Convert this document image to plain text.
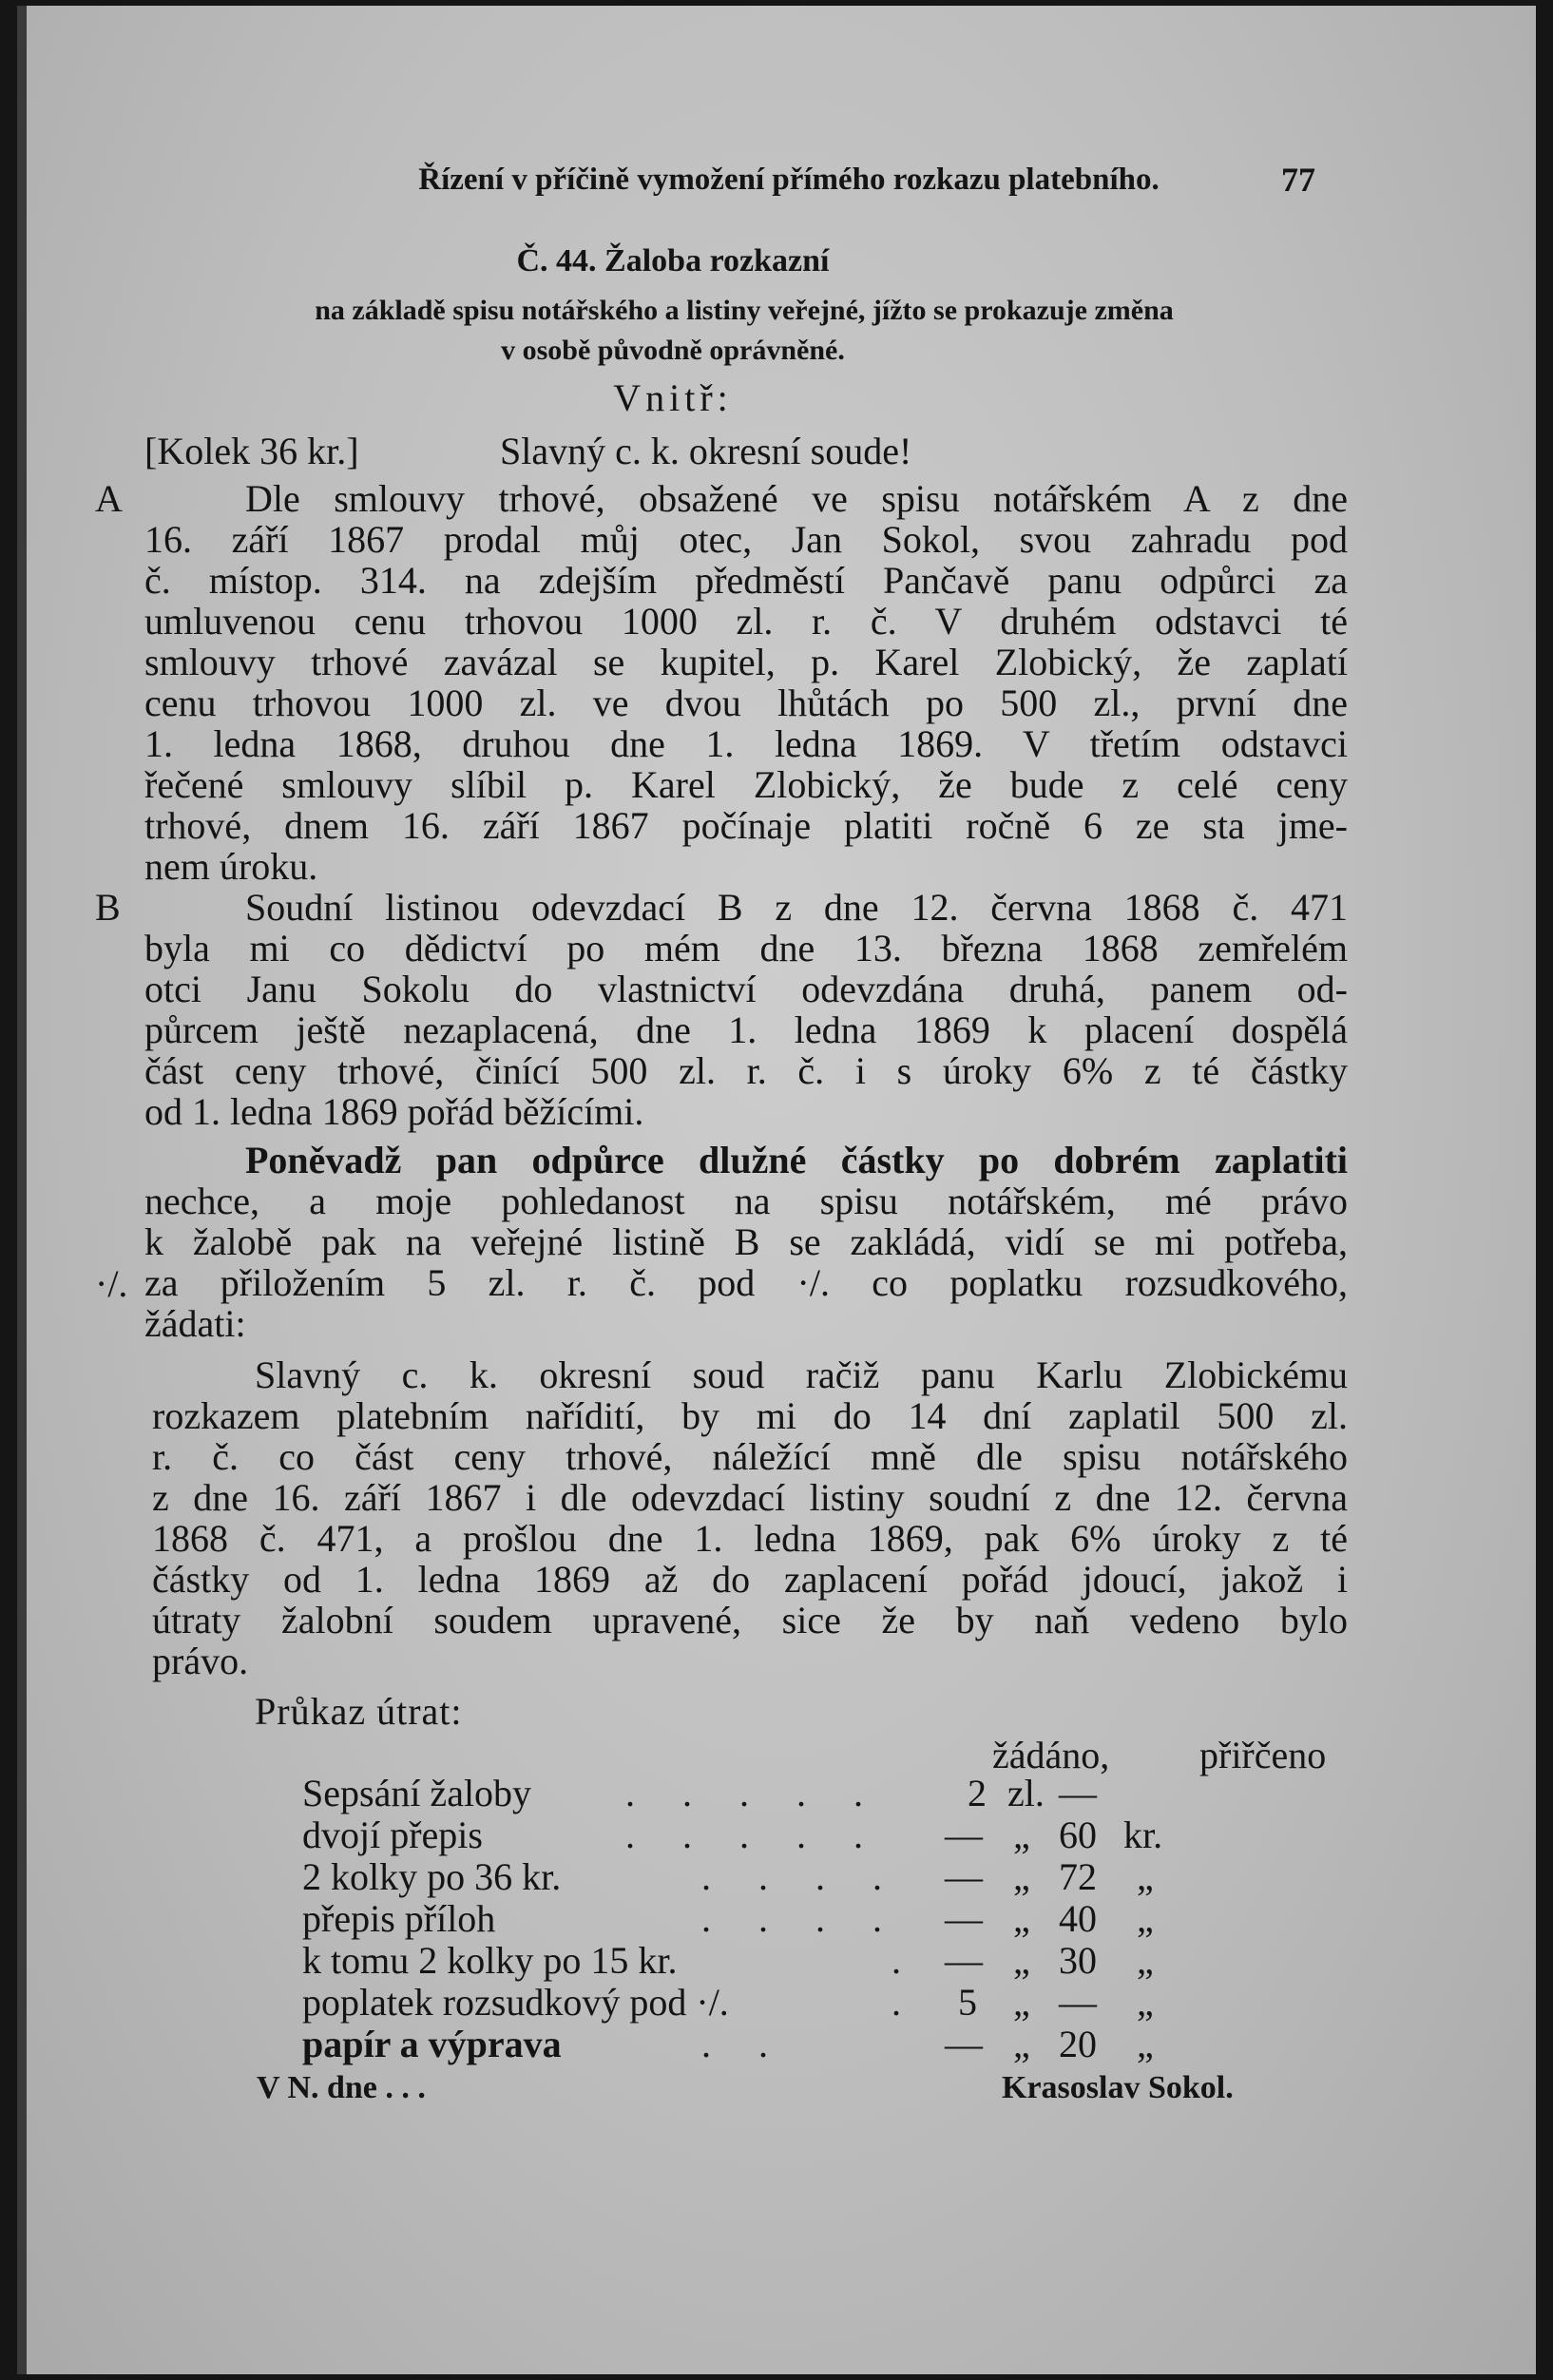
Řízení v příčině vymožení přímého rozkazu platebního.	77
Č. 44. Žaloba rozkazní
na základě spisu notářského a listiny veřejné, jížto se prokazuje změna
v osobě původně oprávněné.
Vnitř:
[Kolek 36 kr.]	Slavný c. k. okresní soude!
A
B
·/.
Dle smlouvy trhové, obsažené ve spisu notářském A z dne
16. září 1867 prodal můj otec, Jan Sokol, svou zahradu pod
č. místop. 314. na zdejším předměstí Pančavě panu odpůrci za
umluvenou cenu trhovou 1000 zl. r. č. V druhém odstavci té
smlouvy trhové zavázal se kupitel, p. Karel Zlobický, že zaplatí
cenu trhovou 1000 zl. ve dvou lhůtách po 500 zl., první dne
1. ledna 1868, druhou dne 1. ledna 1869. V třetím odstavci
řečené smlouvy slíbil p. Karel Zlobický, že bude z celé ceny
trhové, dnem 16. září 1867 počínaje platiti ročně 6 ze sta jme-
nem úroku.
Soudní listinou odevzdací B z dne 12. června 1868 č. 471
byla mi co dědictví po mém dne 13. března 1868 zemřelém
otci Janu Sokolu do vlastnictví odevzdána druhá, panem od-
půrcem ještě nezaplacená, dne 1. ledna 1869 k placení dospělá
část ceny trhové, činící 500 zl. r. č. i s úroky 6% z té částky
od 1. ledna 1869 pořád běžícími.
Poněvadž pan odpůrce dlužné částky po dobrém zaplatiti
nechce, a moje pohledanost na spisu notářském, mé právo
k žalobě pak na veřejné listině B se zakládá, vidí se mi potřeba,
za přiložením 5 zl. r. č. pod ·/. co poplatku rozsudkového,
žádati:
Slavný c. k. okresní soud račiž panu Karlu Zlobickému
rozkazem platebním nařídití, by mi do 14 dní zaplatil 500 zl.
r. č. co část ceny trhové, náležící mně dle spisu notářského
z dne 16. září 1867 i dle odevzdací listiny soudní z dne 12. června
1868 č. 471, a prošlou dne 1. ledna 1869, pak 6% úroky z té
částky od 1. ledna 1869 až do zaplacení pořád jdoucí, jakož i
útraty žalobní soudem upravené, sice že by naň vedeno bylo
právo.
Průkaz útrat:
žádáno, přiřčeno
Sepsání žaloby . . . . . 2 zl. —
dvojí přepis	. . . . . — „ 60 kr.
2 kolky po 36 kr.	. . . . — „ 72 „
přepis příloh	. . . . — „ 40 „
k tomu 2 kolky po 15 kr.	. — „ 30 „
poplatek rozsudkový pod ·/.	. 5 „ — „
papír a výprava	. .	— „ 20 „
V N. dne . . .	Krasoslav Sokol.
